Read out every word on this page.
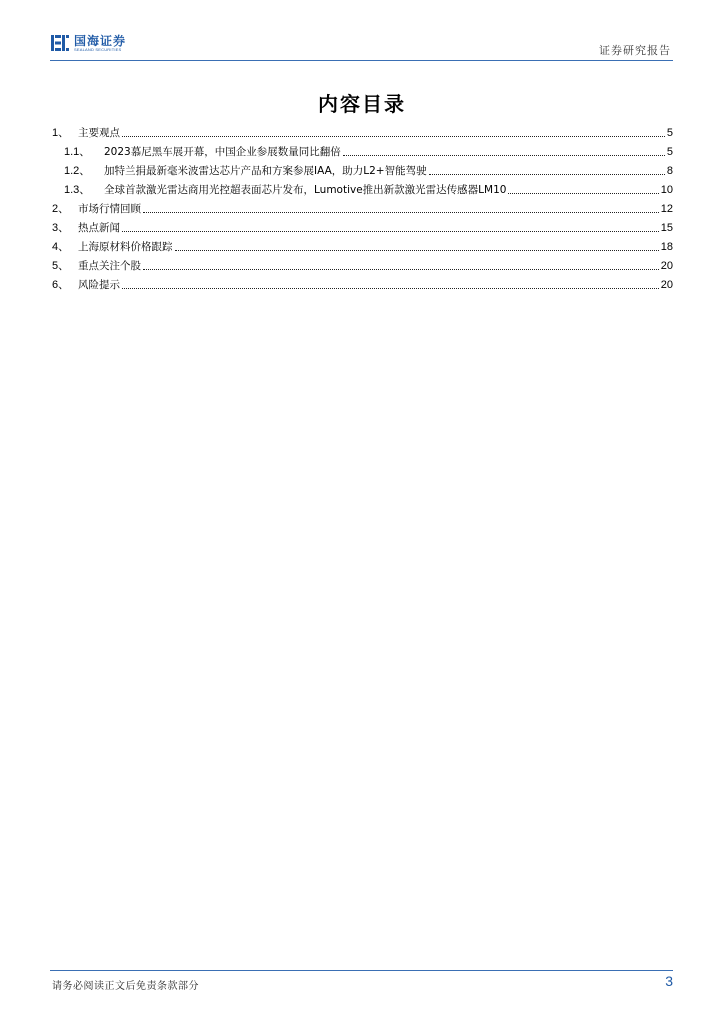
国海证券
SEALAND SECURITIES	证券研究报告
内容目录
1、 主要观点	5
1.1、	2023慕尼黑车展开幕，中国企业参展数量同比翻倍	5
1.2、	加特兰捐最新毫米波雷达芯片产品和方案参展IAA，助力L2+智能驾驶	8
1.3、	全球首款激光雷达商用光控超表面芯片发布，Lumotive推出新款激光雷达传感器LM10	10
2、 市场行情回顾	12
3、 热点新闻	15
4、 上海原材料价格跟踪	18
5、 重点关注个股	20
6、 风险提示	20
请务必阅读正文后免责条款部分	3
